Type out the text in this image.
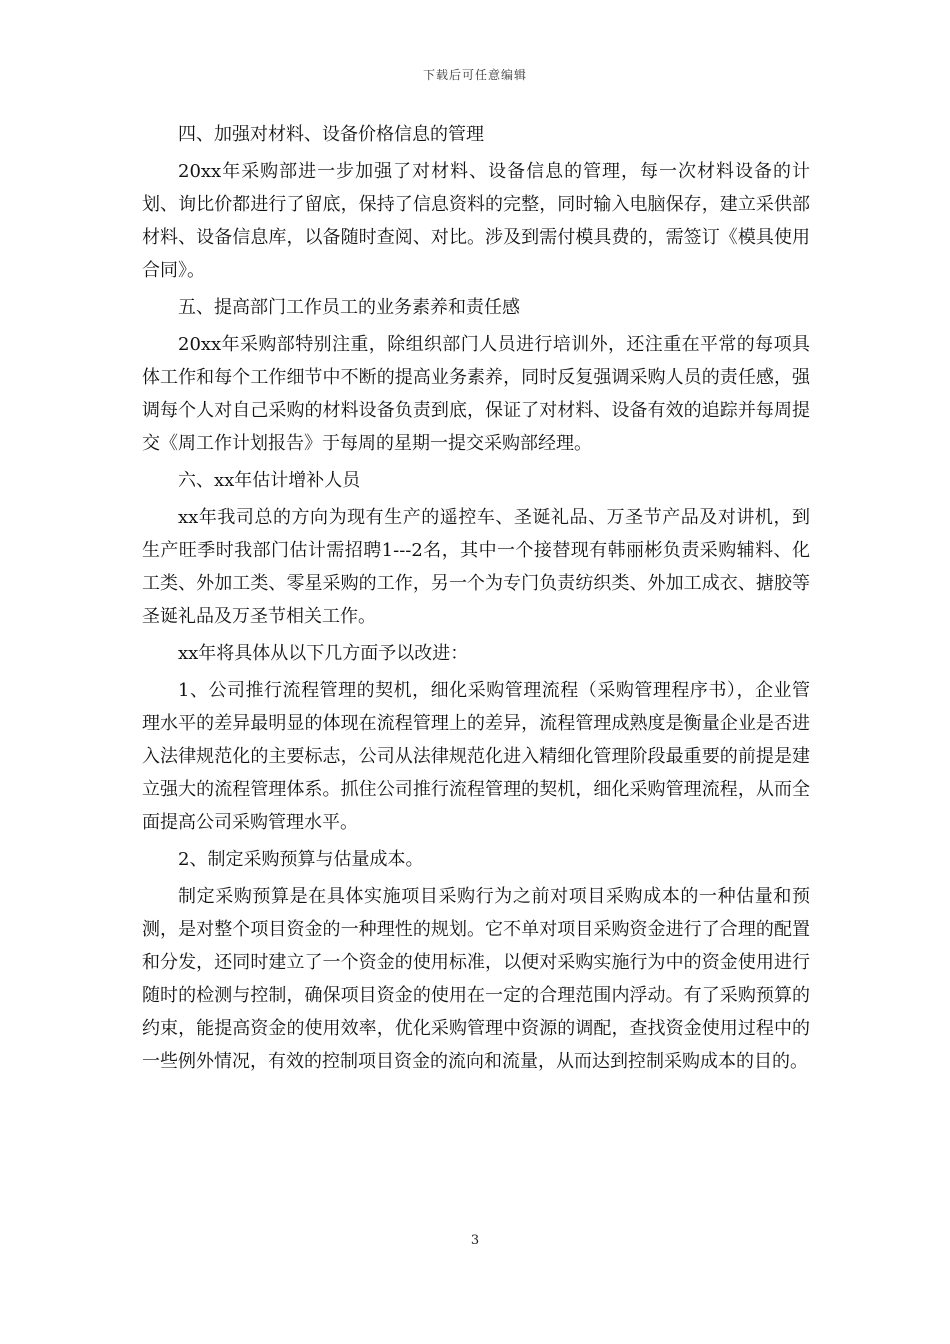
下载后可任意编辑

四、加强对材料、设备价格信息的管理

20xx年采购部进一步加强了对材料、设备信息的管理，每一次材料设备的计划、询比价都进行了留底，保持了信息资料的完整，同时输入电脑保存，建立采供部材料、设备信息库，以备随时查阅、对比。涉及到需付模具费的，需签订《模具使用合同》。

五、提高部门工作员工的业务素养和责任感

20xx年采购部特别注重，除组织部门人员进行培训外，还注重在平常的每项具体工作和每个工作细节中不断的提高业务素养，同时反复强调采购人员的责任感，强调每个人对自己采购的材料设备负责到底，保证了对材料、设备有效的追踪并每周提交《周工作计划报告》于每周的星期一提交采购部经理。

六、xx年估计增补人员

xx年我司总的方向为现有生产的遥控车、圣诞礼品、万圣节产品及对讲机，到生产旺季时我部门估计需招聘1---2名，其中一个接替现有韩丽彬负责采购辅料、化工类、外加工类、零星采购的工作，另一个为专门负责纺织类、外加工成衣、搪胶等圣诞礼品及万圣节相关工作。

xx年将具体从以下几方面予以改进：

1、公司推行流程管理的契机，细化采购管理流程（采购管理程序书），企业管理水平的差异最明显的体现在流程管理上的差异，流程管理成熟度是衡量企业是否进入法律规范化的主要标志，公司从法律规范化进入精细化管理阶段最重要的前提是建立强大的流程管理体系。抓住公司推行流程管理的契机，细化采购管理流程，从而全面提高公司采购管理水平。

2、制定采购预算与估量成本。

制定采购预算是在具体实施项目采购行为之前对项目采购成本的一种估量和预测，是对整个项目资金的一种理性的规划。它不单对项目采购资金进行了合理的配置和分发，还同时建立了一个资金的使用标准，以便对采购实施行为中的资金使用进行随时的检测与控制，确保项目资金的使用在一定的合理范围内浮动。有了采购预算的约束，能提高资金的使用效率，优化采购管理中资源的调配，查找资金使用过程中的一些例外情况，有效的控制项目资金的流向和流量，从而达到控制采购成本的目的。

3
